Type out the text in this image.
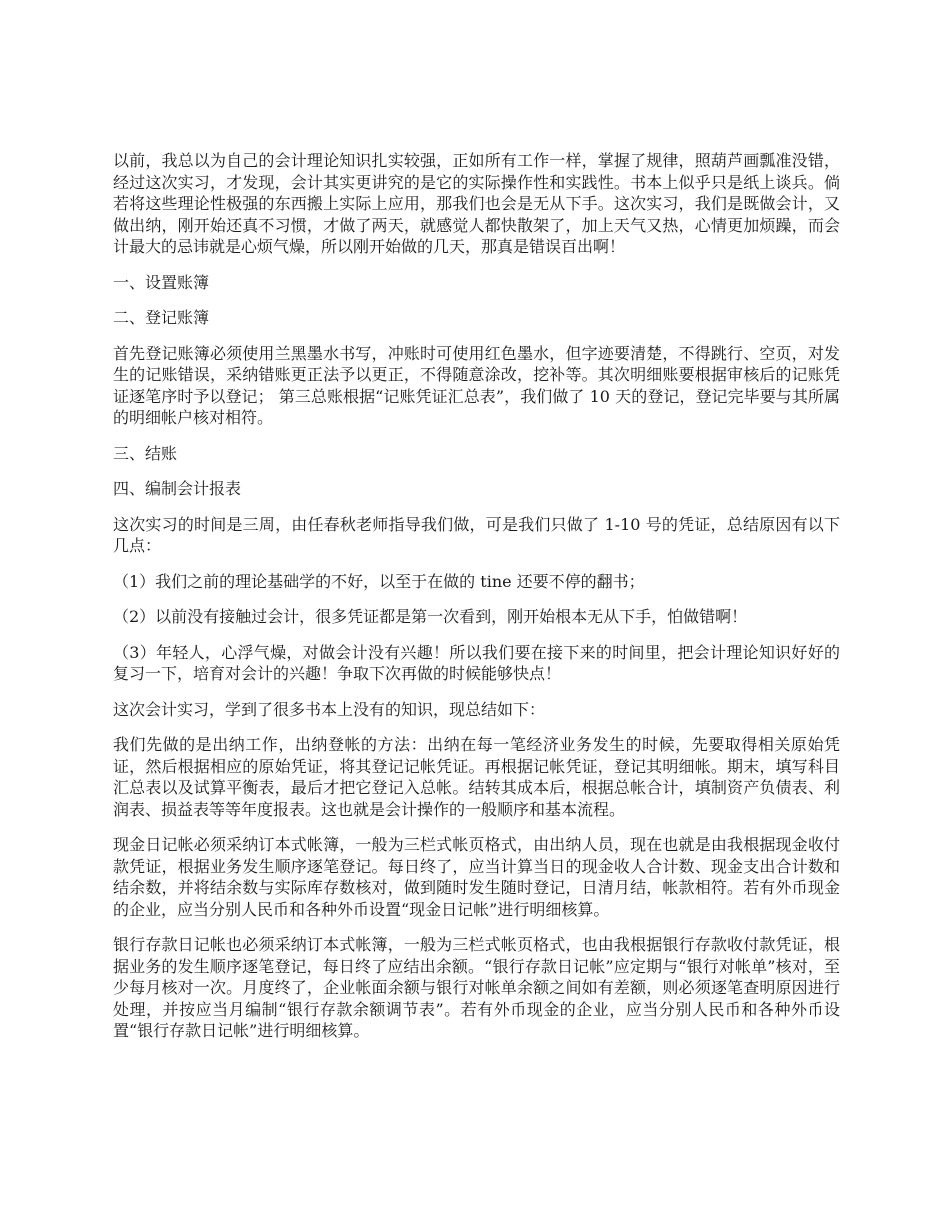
以前，我总以为自己的会计理论知识扎实较强，正如所有工作一样，掌握了规律，照葫芦画瓢准没错，经过这次实习，才发现，会计其实更讲究的是它的实际操作性和实践性。书本上似乎只是纸上谈兵。倘若将这些理论性极强的东西搬上实际上应用，那我们也会是无从下手。这次实习，我们是既做会计，又做出纳，刚开始还真不习惯，才做了两天，就感觉人都快散架了，加上天气又热，心情更加烦躁，而会计最大的忌讳就是心烦气燥，所以刚开始做的几天，那真是错误百出啊！

一、设置账簿

二、登记账簿

首先登记账簿必须使用兰黑墨水书写，冲账时可使用红色墨水，但字迹要清楚，不得跳行、空页，对发生的记账错误，采纳错账更正法予以更正，不得随意涂改，挖补等。其次明细账要根据审核后的记账凭证逐笔序时予以登记； 第三总账根据“记账凭证汇总表”，我们做了 10 天的登记，登记完毕要与其所属的明细帐户核对相符。

三、结账

四、编制会计报表

这次实习的时间是三周，由任春秋老师指导我们做，可是我们只做了 1-10 号的凭证，总结原因有以下几点：

（1）我们之前的理论基础学的不好，以至于在做的 tine 还要不停的翻书；

（2）以前没有接触过会计，很多凭证都是第一次看到，刚开始根本无从下手，怕做错啊！

（3）年轻人，心浮气燥，对做会计没有兴趣！所以我们要在接下来的时间里，把会计理论知识好好的复习一下，培育对会计的兴趣！争取下次再做的时候能够快点！

这次会计实习，学到了很多书本上没有的知识，现总结如下：

我们先做的是出纳工作，出纳登帐的方法：出纳在每一笔经济业务发生的时候，先要取得相关原始凭证，然后根据相应的原始凭证，将其登记记帐凭证。再根据记帐凭证，登记其明细帐。期末，填写科目汇总表以及试算平衡表，最后才把它登记入总帐。结转其成本后，根据总帐合计，填制资产负债表、利润表、损益表等等年度报表。这也就是会计操作的一般顺序和基本流程。

现金日记帐必须采纳订本式帐簿，一般为三栏式帐页格式，由出纳人员，现在也就是由我根据现金收付款凭证，根据业务发生顺序逐笔登记。每日终了，应当计算当日的现金收人合计数、现金支出合计数和结余数，并将结余数与实际库存数核对，做到随时发生随时登记，日清月结，帐款相符。若有外币现金的企业，应当分别人民币和各种外币设置“现金日记帐”进行明细核算。

银行存款日记帐也必须采纳订本式帐簿，一般为三栏式帐页格式，也由我根据银行存款收付款凭证，根据业务的发生顺序逐笔登记，每日终了应结出余额。“银行存款日记帐”应定期与“银行对帐单”核对，至少每月核对一次。月度终了，企业帐面余额与银行对帐单余额之间如有差额，则必须逐笔查明原因进行处理，并按应当月编制“银行存款余额调节表”。若有外币现金的企业，应当分别人民币和各种外币设置“银行存款日记帐”进行明细核算。
